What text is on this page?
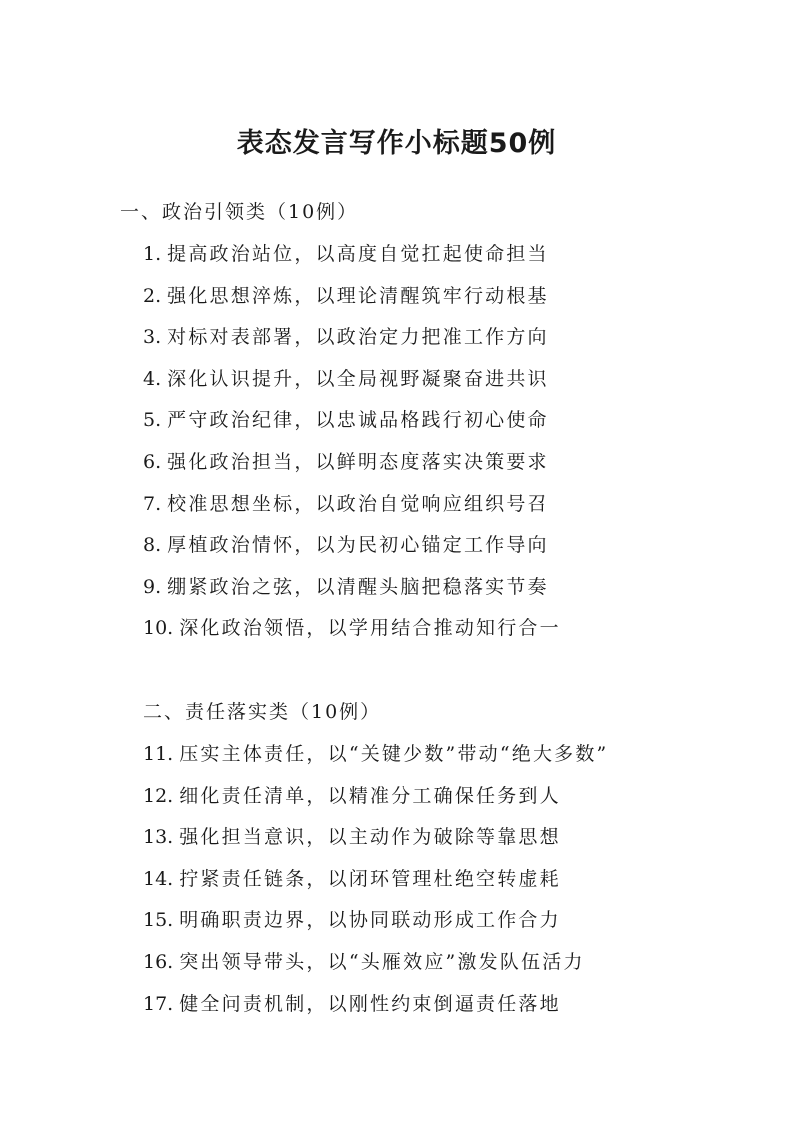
表态发言写作小标题50例

一、政治引领类（10例）

1. 提高政治站位，以高度自觉扛起使命担当
2. 强化思想淬炼，以理论清醒筑牢行动根基
3. 对标对表部署，以政治定力把准工作方向
4. 深化认识提升，以全局视野凝聚奋进共识
5. 严守政治纪律，以忠诚品格践行初心使命
6. 强化政治担当，以鲜明态度落实决策要求
7. 校准思想坐标，以政治自觉响应组织号召
8. 厚植政治情怀，以为民初心锚定工作导向
9. 绷紧政治之弦，以清醒头脑把稳落实节奏
10. 深化政治领悟，以学用结合推动知行合一

二、责任落实类（10例）

11. 压实主体责任，以“关键少数”带动“绝大多数”
12. 细化责任清单，以精准分工确保任务到人
13. 强化担当意识，以主动作为破除等靠思想
14. 拧紧责任链条，以闭环管理杜绝空转虚耗
15. 明确职责边界，以协同联动形成工作合力
16. 突出领导带头，以“头雁效应”激发队伍活力
17. 健全问责机制，以刚性约束倒逼责任落地
